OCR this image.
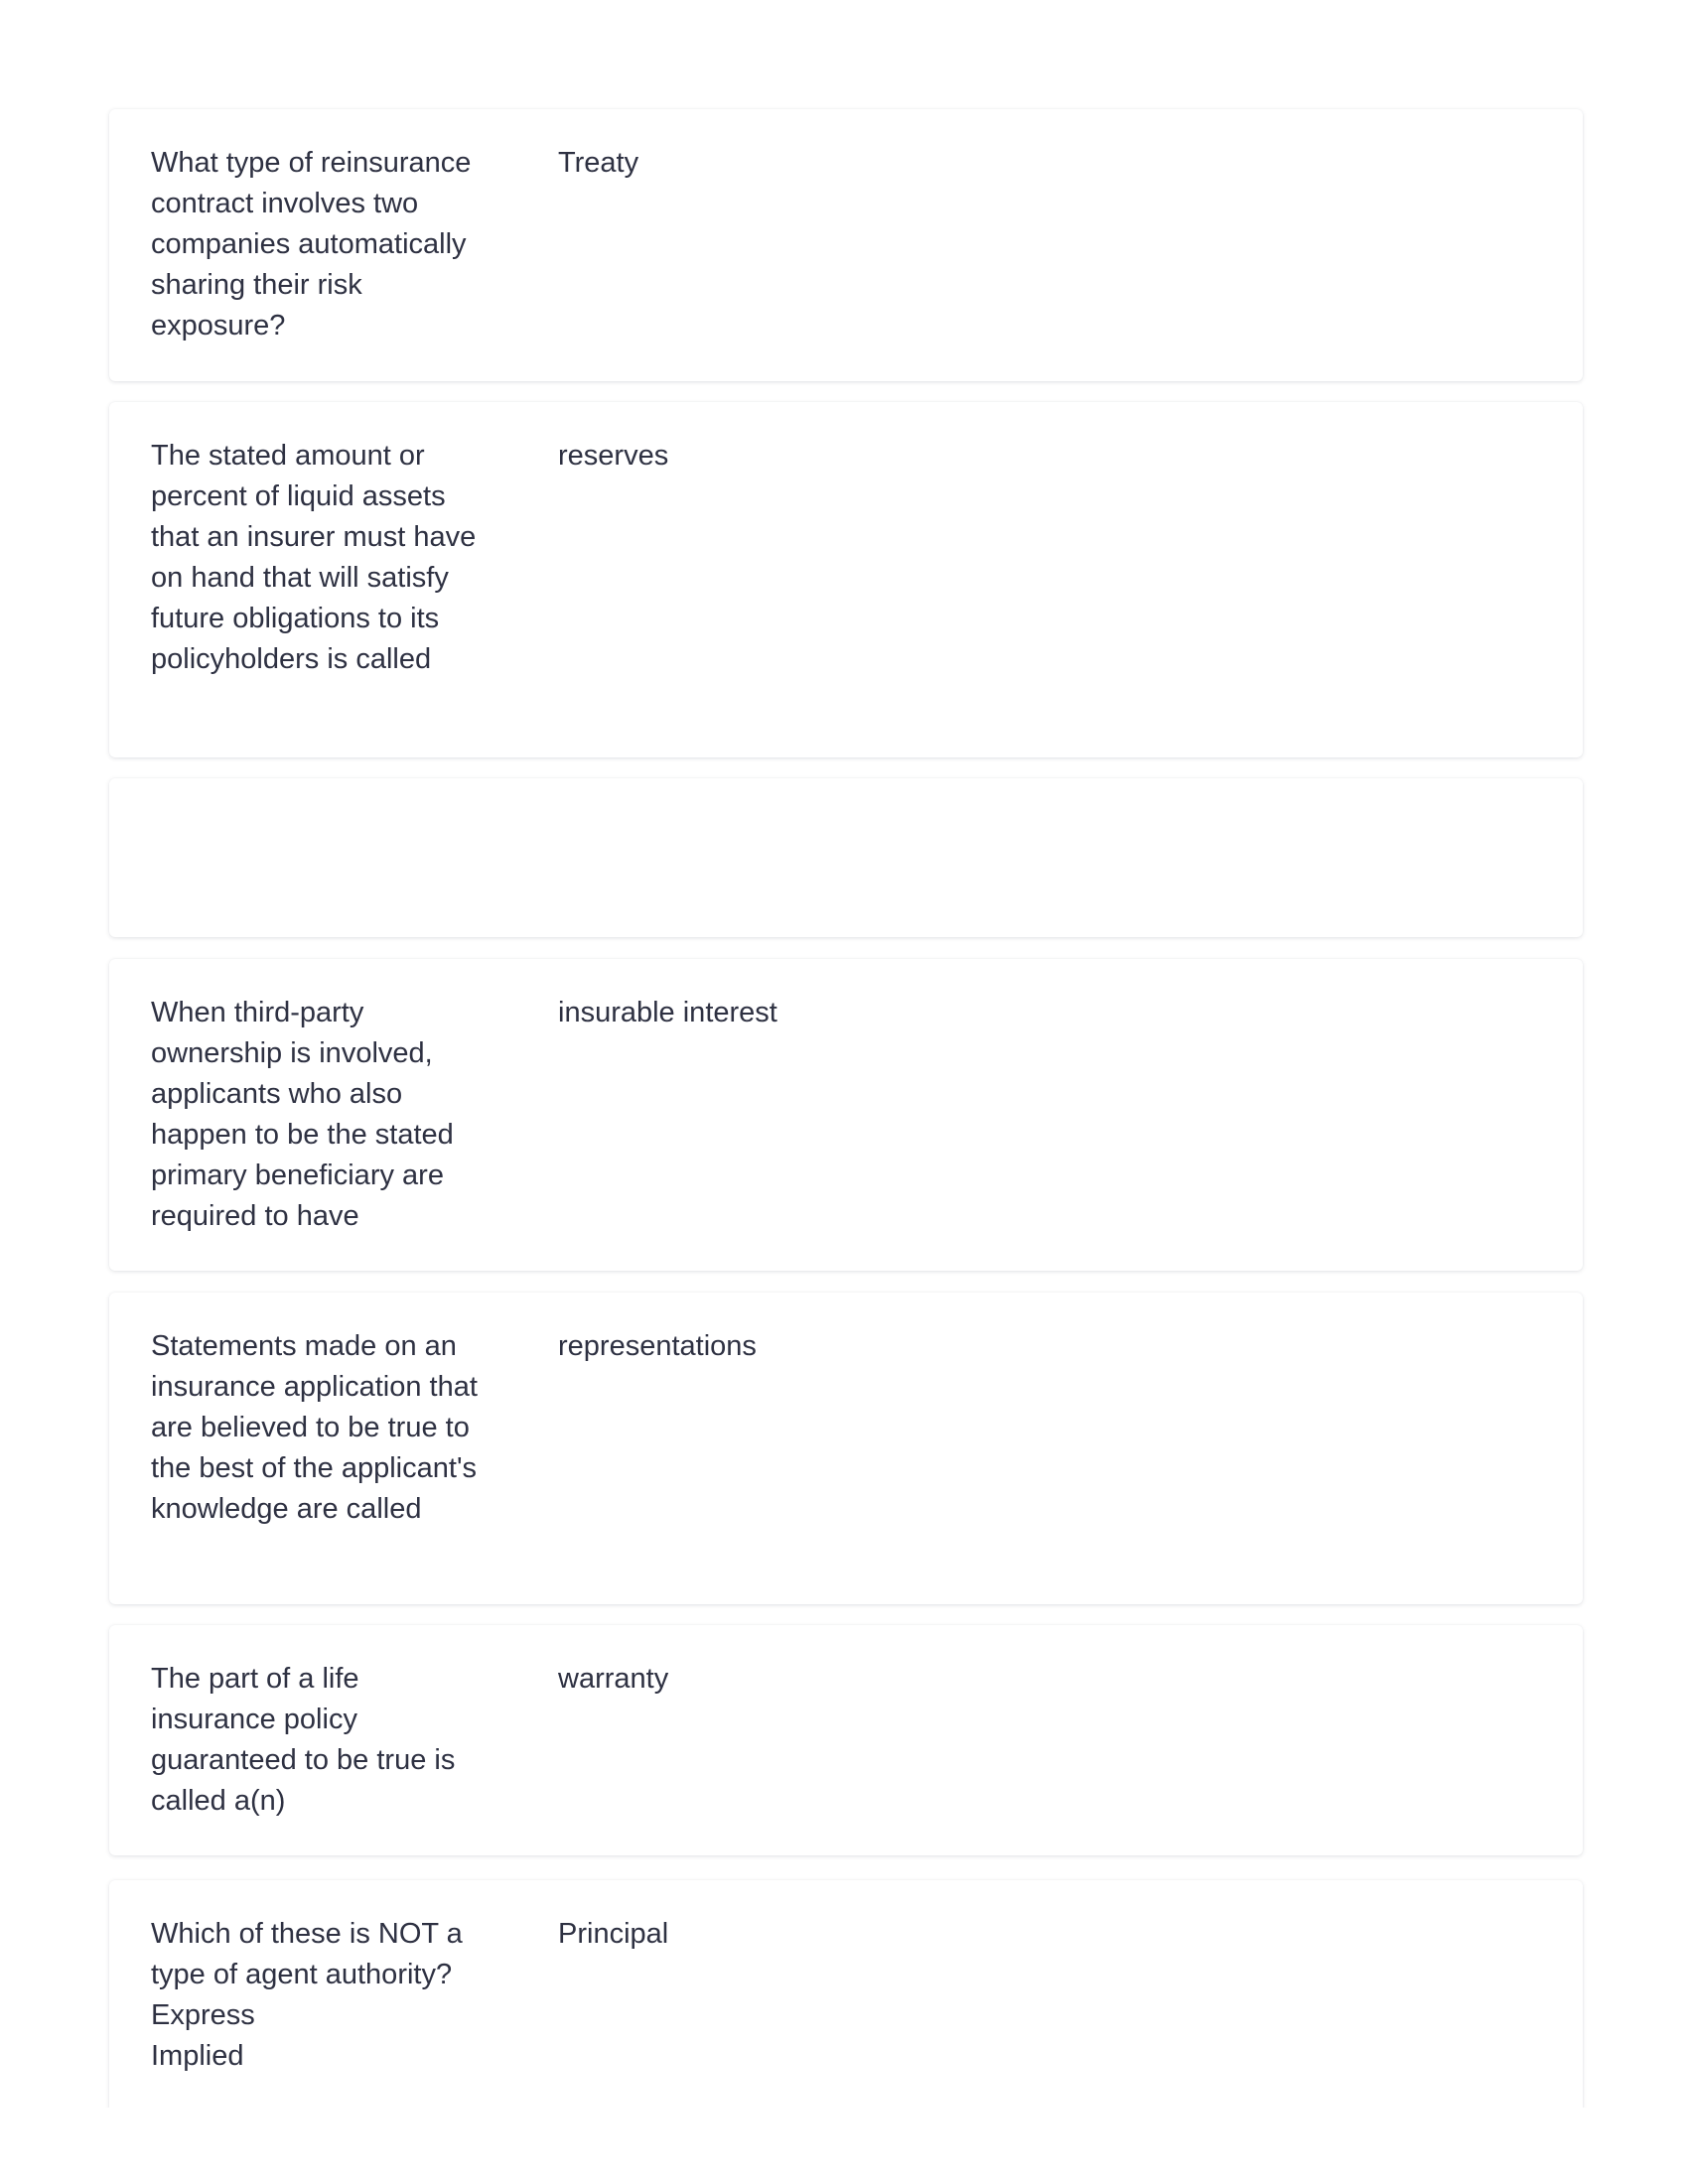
What type of reinsurance contract involves two companies automatically sharing their risk exposure?
Treaty
The stated amount or percent of liquid assets that an insurer must have on hand that will satisfy future obligations to its policyholders is called
reserves
When third-party ownership is involved, applicants who also happen to be the stated primary beneficiary are required to have
insurable interest
Statements made on an insurance application that are believed to be true to the best of the applicant's knowledge are called
representations
The part of a life insurance policy guaranteed to be true is called a(n)
warranty
Which of these is NOT a type of agent authority?
Express
Implied
Principal
